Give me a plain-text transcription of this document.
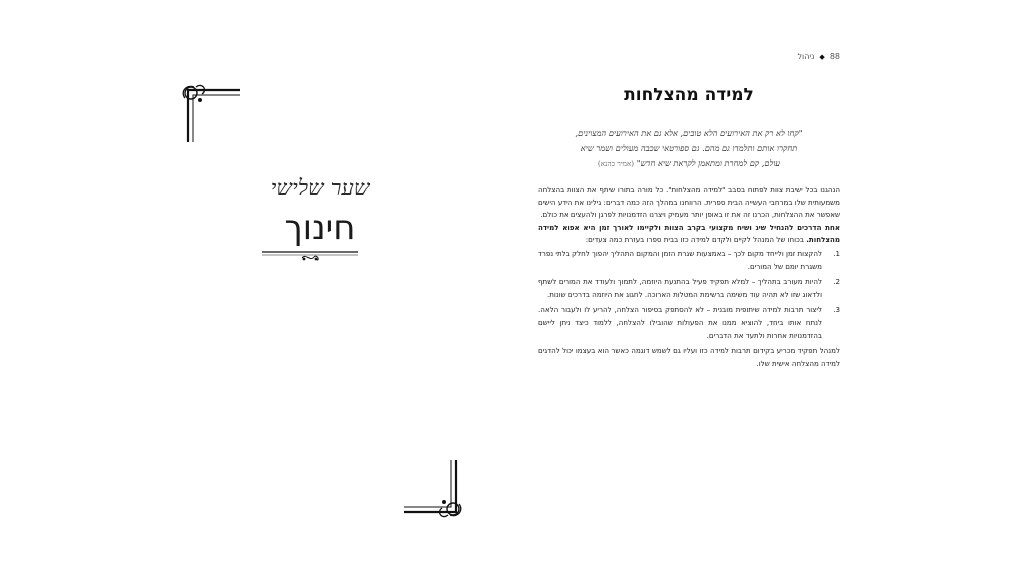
שער שלישי
חינוך
88
◆
ניהול
למידה מהצלחות
"קחו לא רק את האירועים הלא טובים, אלא גם את האירועים המצוינים,
תחקרו אותם ותלמדו גם מהם. גם ספורטאי שכבה מעולים ושמר שיא
עולם, קם למחרת ומתאמן לקראת שיא חדש" (אמיר כהנא)

הנהגנו בכל ישיבת צוות לפתוח בסבב "למידה מהצלחות". כל מורה בתורו שיתף את הצוות בהצלחה משמעותית שלו במרחבי העשייה הבית ספרית. הרווחנו במהלך הזה כמה דברים: גילינו את הידע הישים שאפשר את ההצלחות, הכרנו זה את זו באופן יותר מעמיק ויצרנו הזדמנויות לפרגן ולהעצים את כולם.

אחת הדרכים להנחיל שיג ושיח מקצועי בקרב הצוות ולקיימו לאורך זמן היא אפוא למידה מהצלחות. בכוחו של המנהל לקיים ולקדם למידה כזו בבית ספרו בעזרת כמה צעדים:

1.
להקצות זמן ולייחד מקום לכך – באמצעות שגרת הזמן והמקום התהליך יהפוך לחלק בלתי נפרד משגרת יומם של המורים.
2.
להיות מעורב בתהליך – למלא תפקיד פעיל בהתנעת היוזמה, לתמוך ולעודד את המורים לשתף ולדאוג שזו לא תהיה עוד משימה ברשימת המטלות הארוכה. לחגוג את היוזמה בדרכים שונות.
3.
ליצור תרבות למידה שיתופית מובנית – לא להסתפק בסיפור הצלחה, להריע לו ולעבור הלאה. לנתח אותו ביחד, להוציא ממנו את הפעולות שהובילו להצלחה, ללמוד כיצד ניתן ליישם בהזדמנויות אחרות ולתעד את הדברים.

למנהל תפקיד מכריע בקידום תרבות למידה כזו ועליו גם לשמש דוגמה כאשר הוא בעצמו יכול להדגים למידה מהצלחה אישית שלו.
